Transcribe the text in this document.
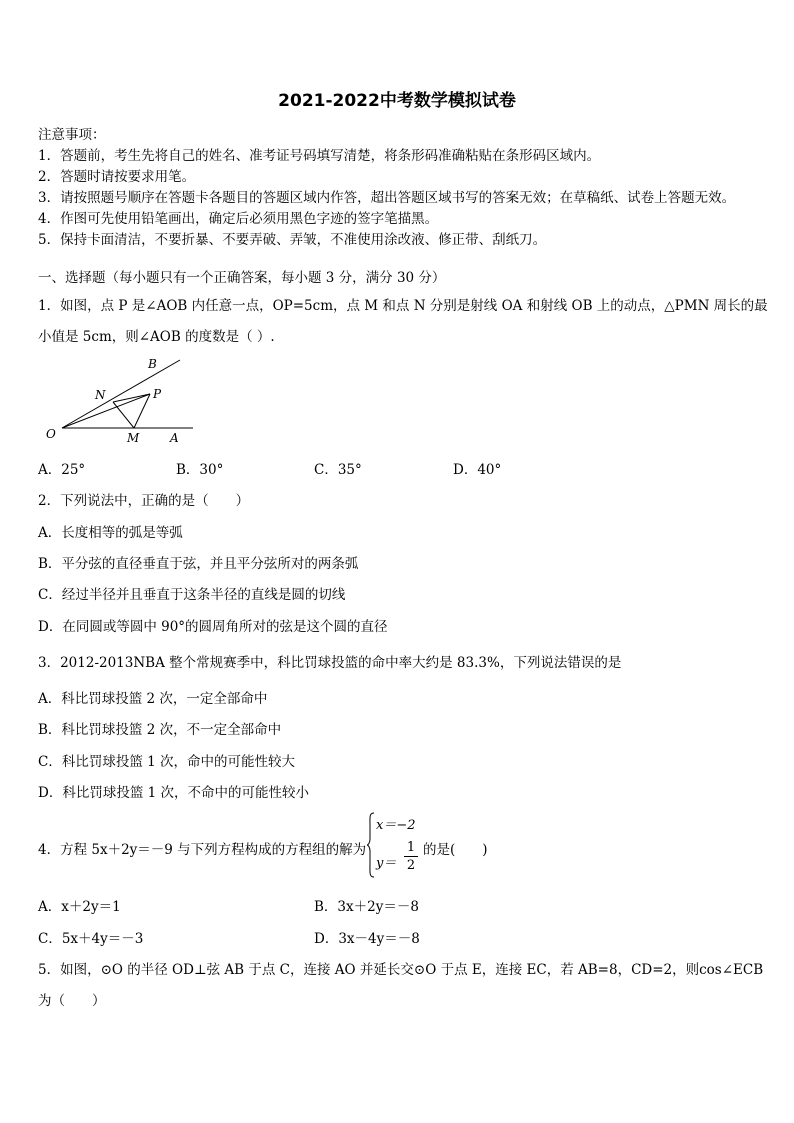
2021-2022中考数学模拟试卷
注意事项：
1．答题前，考生先将自己的姓名、准考证号码填写清楚，将条形码准确粘贴在条形码区域内。
2．答题时请按要求用笔。
3．请按照题号顺序在答题卡各题目的答题区域内作答，超出答题区域书写的答案无效；在草稿纸、试卷上答题无效。
4．作图可先使用铅笔画出，确定后必须用黑色字迹的签字笔描黑。
5．保持卡面清洁，不要折暴、不要弄破、弄皱，不准使用涂改液、修正带、刮纸刀。
一、选择题（每小题只有一个正确答案，每小题 3 分，满分 30 分）
1．如图，点 P 是∠AOB 内任意一点，OP=5cm，点 M 和点 N 分别是射线 OA 和射线 OB 上的动点，△PMN 周长的最
小值是 5cm，则∠AOB 的度数是（ ）.
B
N	P
O	M	A
A．25°	B．30°	C．35°	D．40°
2．下列说法中，正确的是（　　）
A．长度相等的弧是等弧
B．平分弦的直径垂直于弦，并且平分弦所对的两条弧
C．经过半径并且垂直于这条半径的直线是圆的切线
D．在同圆或等圆中 90°的圆周角所对的弦是这个圆的直径
3．2012-2013NBA 整个常规赛季中，科比罚球投篮的命中率大约是 83.3%，下列说法错误的是
A．科比罚球投篮 2 次，一定全部命中
B．科比罚球投篮 2 次，不一定全部命中
C．科比罚球投篮 1 次，命中的可能性较大
D．科比罚球投篮 1 次，不命中的可能性较小
4．方程 5x＋2y＝－9 与下列方程构成的方程组的解为
x＝−2
y＝
1
2
的是(　　)
A．x＋2y＝1	B．3x＋2y＝－8
C．5x＋4y＝－3	D．3x－4y＝－8
5．如图，⊙O 的半径 OD⊥弦 AB 于点 C，连接 AO 并延长交⊙O 于点 E，连接 EC，若 AB=8，CD=2，则cos∠ECB
为（　　）
